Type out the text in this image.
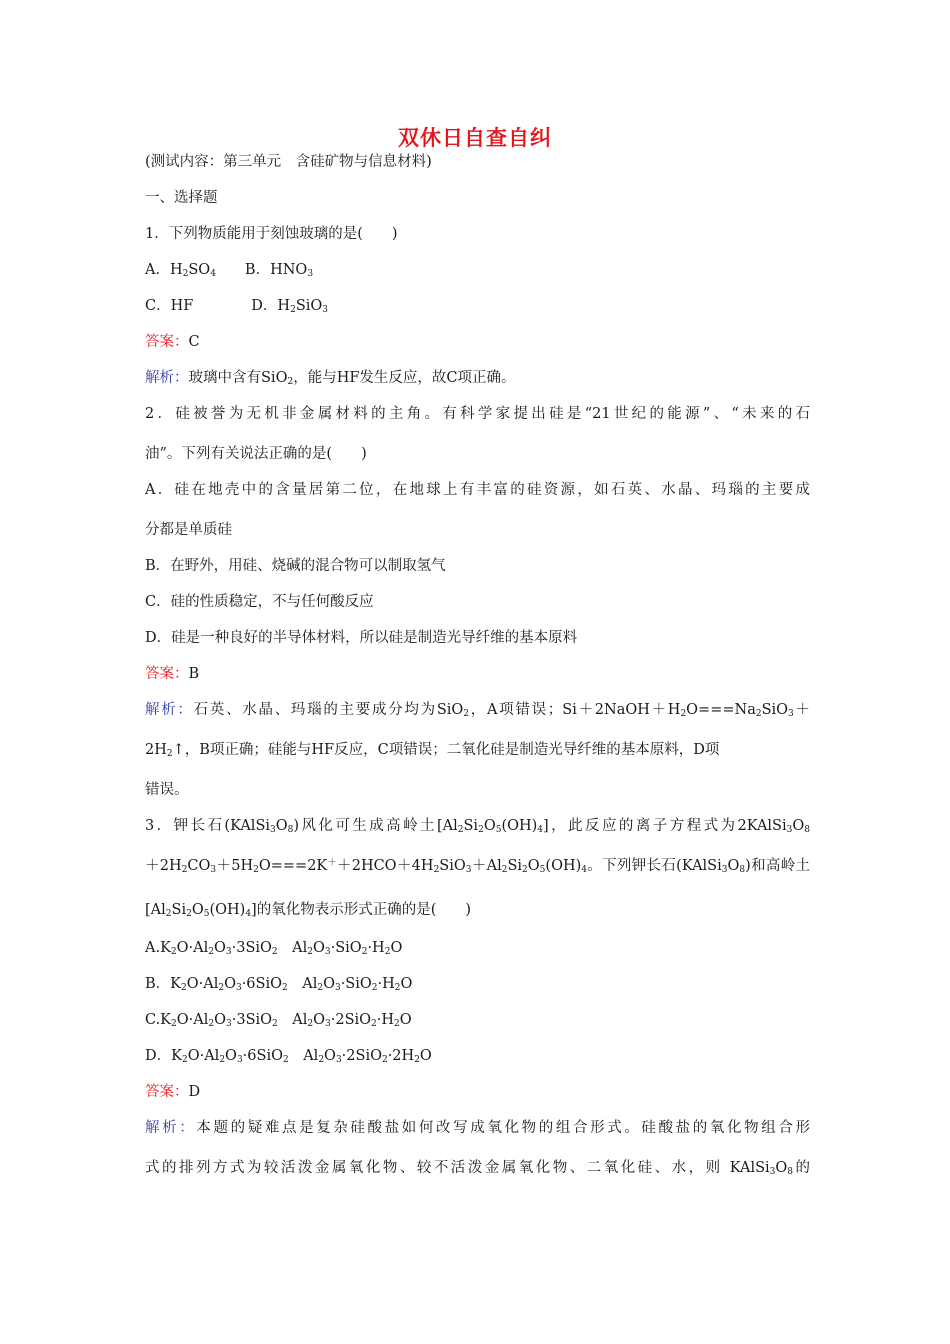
双休日自查自纠
(测试内容：第三单元　含硅矿物与信息材料)
一、选择题
1．下列物质能用于刻蚀玻璃的是(　　)
A．$H_2SO_4$　　B．$HNO_3$
C．HF　　　　D．$H_2SiO_3$
答案：C
解析：玻璃中含有SiO$_2$，能与HF发生反应，故C项正确。
2．硅被誉为无机非金属材料的主角。有科学家提出硅是“21世纪的能源”、“未来的石
油”。下列有关说法正确的是(　　)
A．硅在地壳中的含量居第二位，在地球上有丰富的硅资源，如石英、水晶、玛瑙的主要成
分都是单质硅
B．在野外，用硅、烧碱的混合物可以制取氢气
C．硅的性质稳定，不与任何酸反应
D．硅是一种良好的半导体材料，所以硅是制造光导纤维的基本原料
答案：B
解析：石英、水晶、玛瑙的主要成分均为SiO$_2$，A项错误；$Si+2NaOH+H_2O===Na_2SiO_3+$
$2H_2↑$，B项正确；硅能与HF反应，C项错误；二氧化硅是制造光导纤维的基本原料，D项
错误。
3．钾长石$(KAlSi_3O_8)$风化可生成高岭土$[Al_2Si_2O_5(OH)_4]$，此反应的离子方程式为$2KAlSi_3O_8$
$+2H_2CO_3+5H_2O===2K^++2HCO+4H_2SiO_3+Al_2Si_2O_5(OH)_4$。下列钾长石$(KAlSi_3O_8)$和高岭土
$[Al_2Si_2O_5(OH)_4]$的氧化物表示形式正确的是(　　)
$A.K_2O\cdot Al_2O_3\cdot 3SiO_2$　$Al_2O_3\cdot SiO_2\cdot H_2O$
B．$K_2O\cdot Al_2O_3\cdot 6SiO_2$　$Al_2O_3\cdot SiO_2\cdot H_2O$
$C.K_2O\cdot Al_2O_3\cdot 3SiO_2$　$Al_2O_3\cdot 2SiO_2\cdot H_2O$
D．$K_2O\cdot Al_2O_3\cdot 6SiO_2$　$Al_2O_3\cdot 2SiO_2\cdot 2H_2O$
答案：D
解析：本题的疑难点是复杂硅酸盐如何改写成氧化物的组合形式。硅酸盐的氧化物组合形
式的排列方式为较活泼金属氧化物、较不活泼金属氧化物、二氧化硅、水，则 $KAlSi_3O_8$的
